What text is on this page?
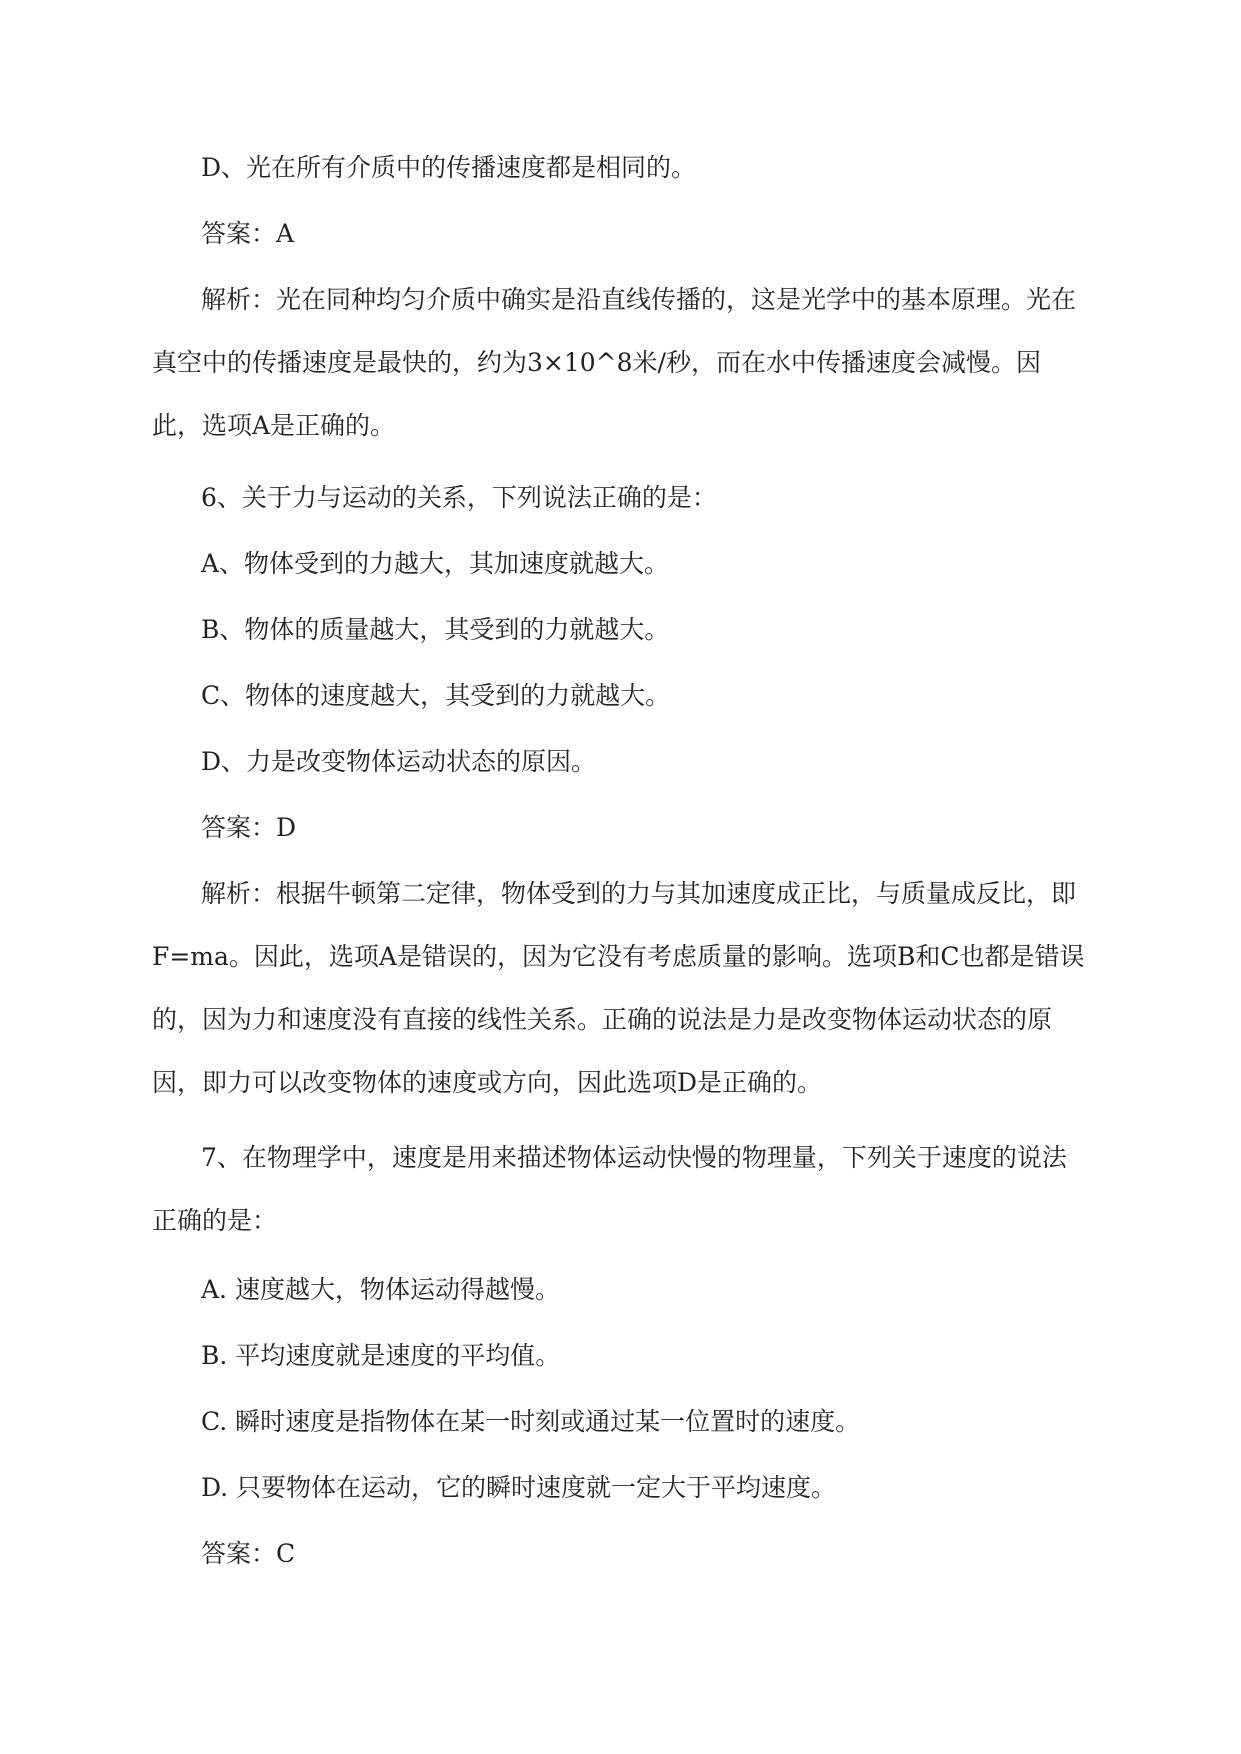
D、光在所有介质中的传播速度都是相同的。

答案：A

解析：光在同种均匀介质中确实是沿直线传播的，这是光学中的基本原理。光在真空中的传播速度是最快的，约为3×10^8米/秒，而在水中传播速度会减慢。因此，选项A是正确的。

6、关于力与运动的关系，下列说法正确的是：

A、物体受到的力越大，其加速度就越大。

B、物体的质量越大，其受到的力就越大。

C、物体的速度越大，其受到的力就越大。

D、力是改变物体运动状态的原因。

答案：D

解析：根据牛顿第二定律，物体受到的力与其加速度成正比，与质量成反比，即F=ma。因此，选项A是错误的，因为它没有考虑质量的影响。选项B和C也都是错误的，因为力和速度没有直接的线性关系。正确的说法是力是改变物体运动状态的原因，即力可以改变物体的速度或方向，因此选项D是正确的。

7、在物理学中，速度是用来描述物体运动快慢的物理量，下列关于速度的说法正确的是：

A. 速度越大，物体运动得越慢。

B. 平均速度就是速度的平均值。

C. 瞬时速度是指物体在某一时刻或通过某一位置时的速度。

D. 只要物体在运动，它的瞬时速度就一定大于平均速度。

答案：C
